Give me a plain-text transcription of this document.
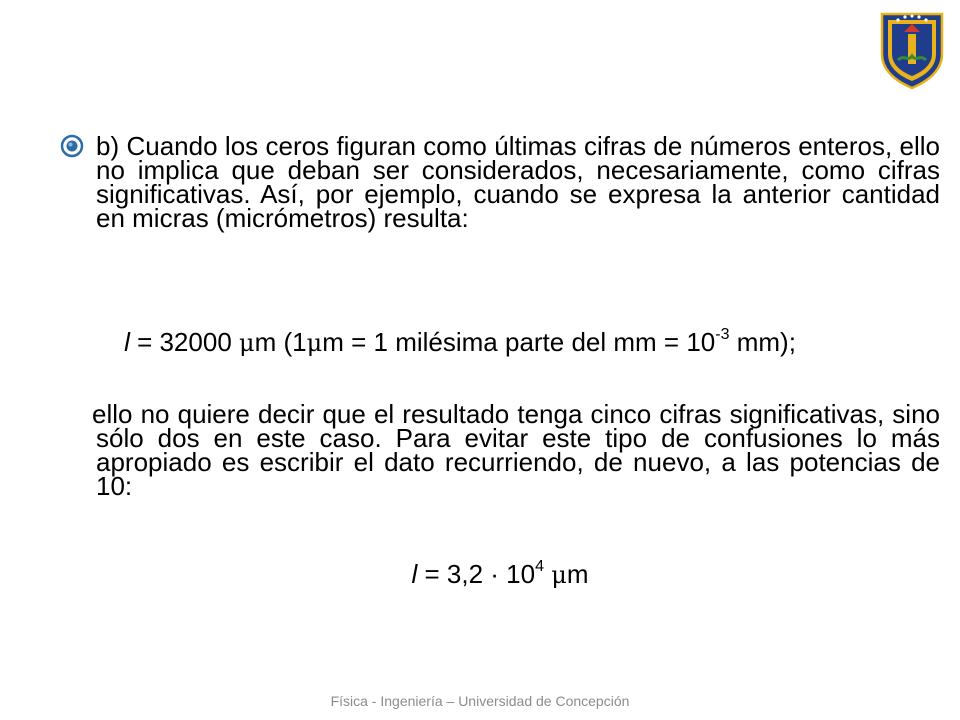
b) Cuando los ceros figuran como últimas cifras de números enteros, ello no implica que deban ser considerados, necesariamente, como cifras significativas. Así, por ejemplo, cuando se expresa la anterior cantidad en micras (micrómetros) resulta:

l = 32000 μm (1μm = 1 milésima parte del mm = $10^{-3}$ mm);

ello no quiere decir que el resultado tenga cinco cifras significativas, sino sólo dos en este caso. Para evitar este tipo de confusiones lo más apropiado es escribir el dato recurriendo, de nuevo, a las potencias de 10:

$l = 3,2 \cdot 10^4$ μm
Física - Ingeniería – Universidad de Concepción
